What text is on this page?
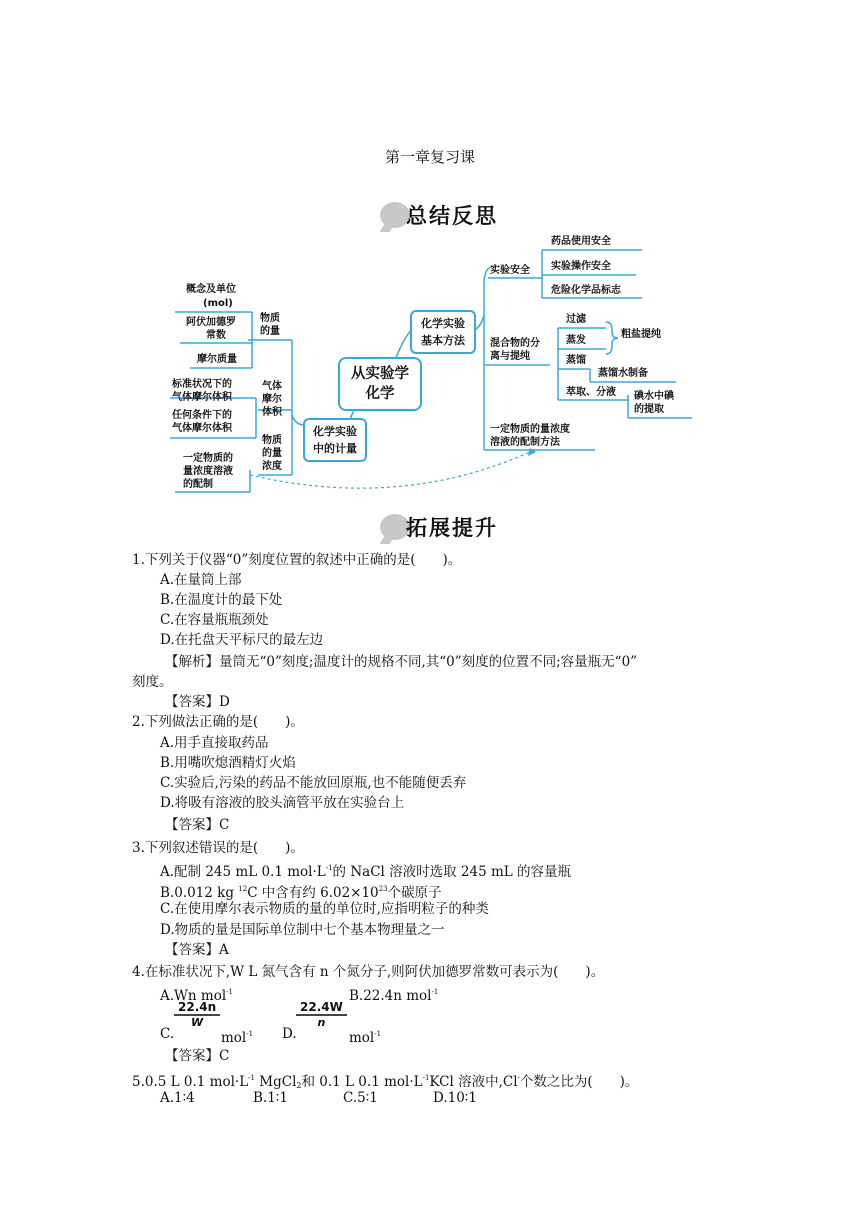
第一章复习课
总结反思
从实验学
化学
化学实验
基本方法
化学实验
中的计量
实验安全
药品使用安全
实验操作安全
危险化学品标志
混合物的分
离与提纯
过滤
蒸发
粗盐提纯
蒸馏
蒸馏水制备
萃取、分液 碘水中碘
的提取
一定物质的量浓度
溶液的配制方法
物质
的量
概念及单位
(mol)
阿伏加德罗
常数
摩尔质量
气体
摩尔
体积
标准状况下的
气体摩尔体积
任何条件下的
气体摩尔体积
物质
的量
浓度
一定物质的
量浓度溶液
的配制
拓展提升
1.下列关于仪器“0”刻度位置的叙述中正确的是(　　)。
A.在量筒上部
B.在温度计的最下处
C.在容量瓶瓶颈处
D.在托盘天平标尺的最左边
【解析】量筒无“0”刻度;温度计的规格不同,其“0”刻度的位置不同;容量瓶无“0”
刻度。
【答案】D
2.下列做法正确的是(　　)。
A.用手直接取药品
B.用嘴吹熄酒精灯火焰
C.实验后,污染的药品不能放回原瓶,也不能随便丢弃
D.将吸有溶液的胶头滴管平放在实验台上
【答案】C
3.下列叙述错误的是(　　)。
A.配制 245 mL 0.1 $mol\cdot L^{-1}$的 NaCl 溶液时选取 245 mL 的容量瓶
B.0.012 kg $^{12}$C 中含有约 $6.02\times 10^{23}$个碳原子
C.在使用摩尔表示物质的量的单位时,应指明粒子的种类
D.物质的量是国际单位制中七个基本物理量之一
【答案】A
4.在标准状况下,W L 氮气含有 n 个氮分子,则阿伏加德罗常数可表示为(　　)。
A.Wn mol$^{-1}$	B.22.4n mol$^{-1}$
C.
$\frac{22.4n}{W}$
mol$^{-1}$ D.
$\frac{22.4W}{n}$
mol$^{-1}$
【答案】C
5.0.5 L 0.1 $mol\cdot L^{-1}$ MgCl$_2$和 0.1 L 0.1 $mol\cdot L^{-1}KCl$ 溶液中,Cl-个数之比为(　　)。
A.1∶4	B.1∶1	C.5∶1	D.10∶1
